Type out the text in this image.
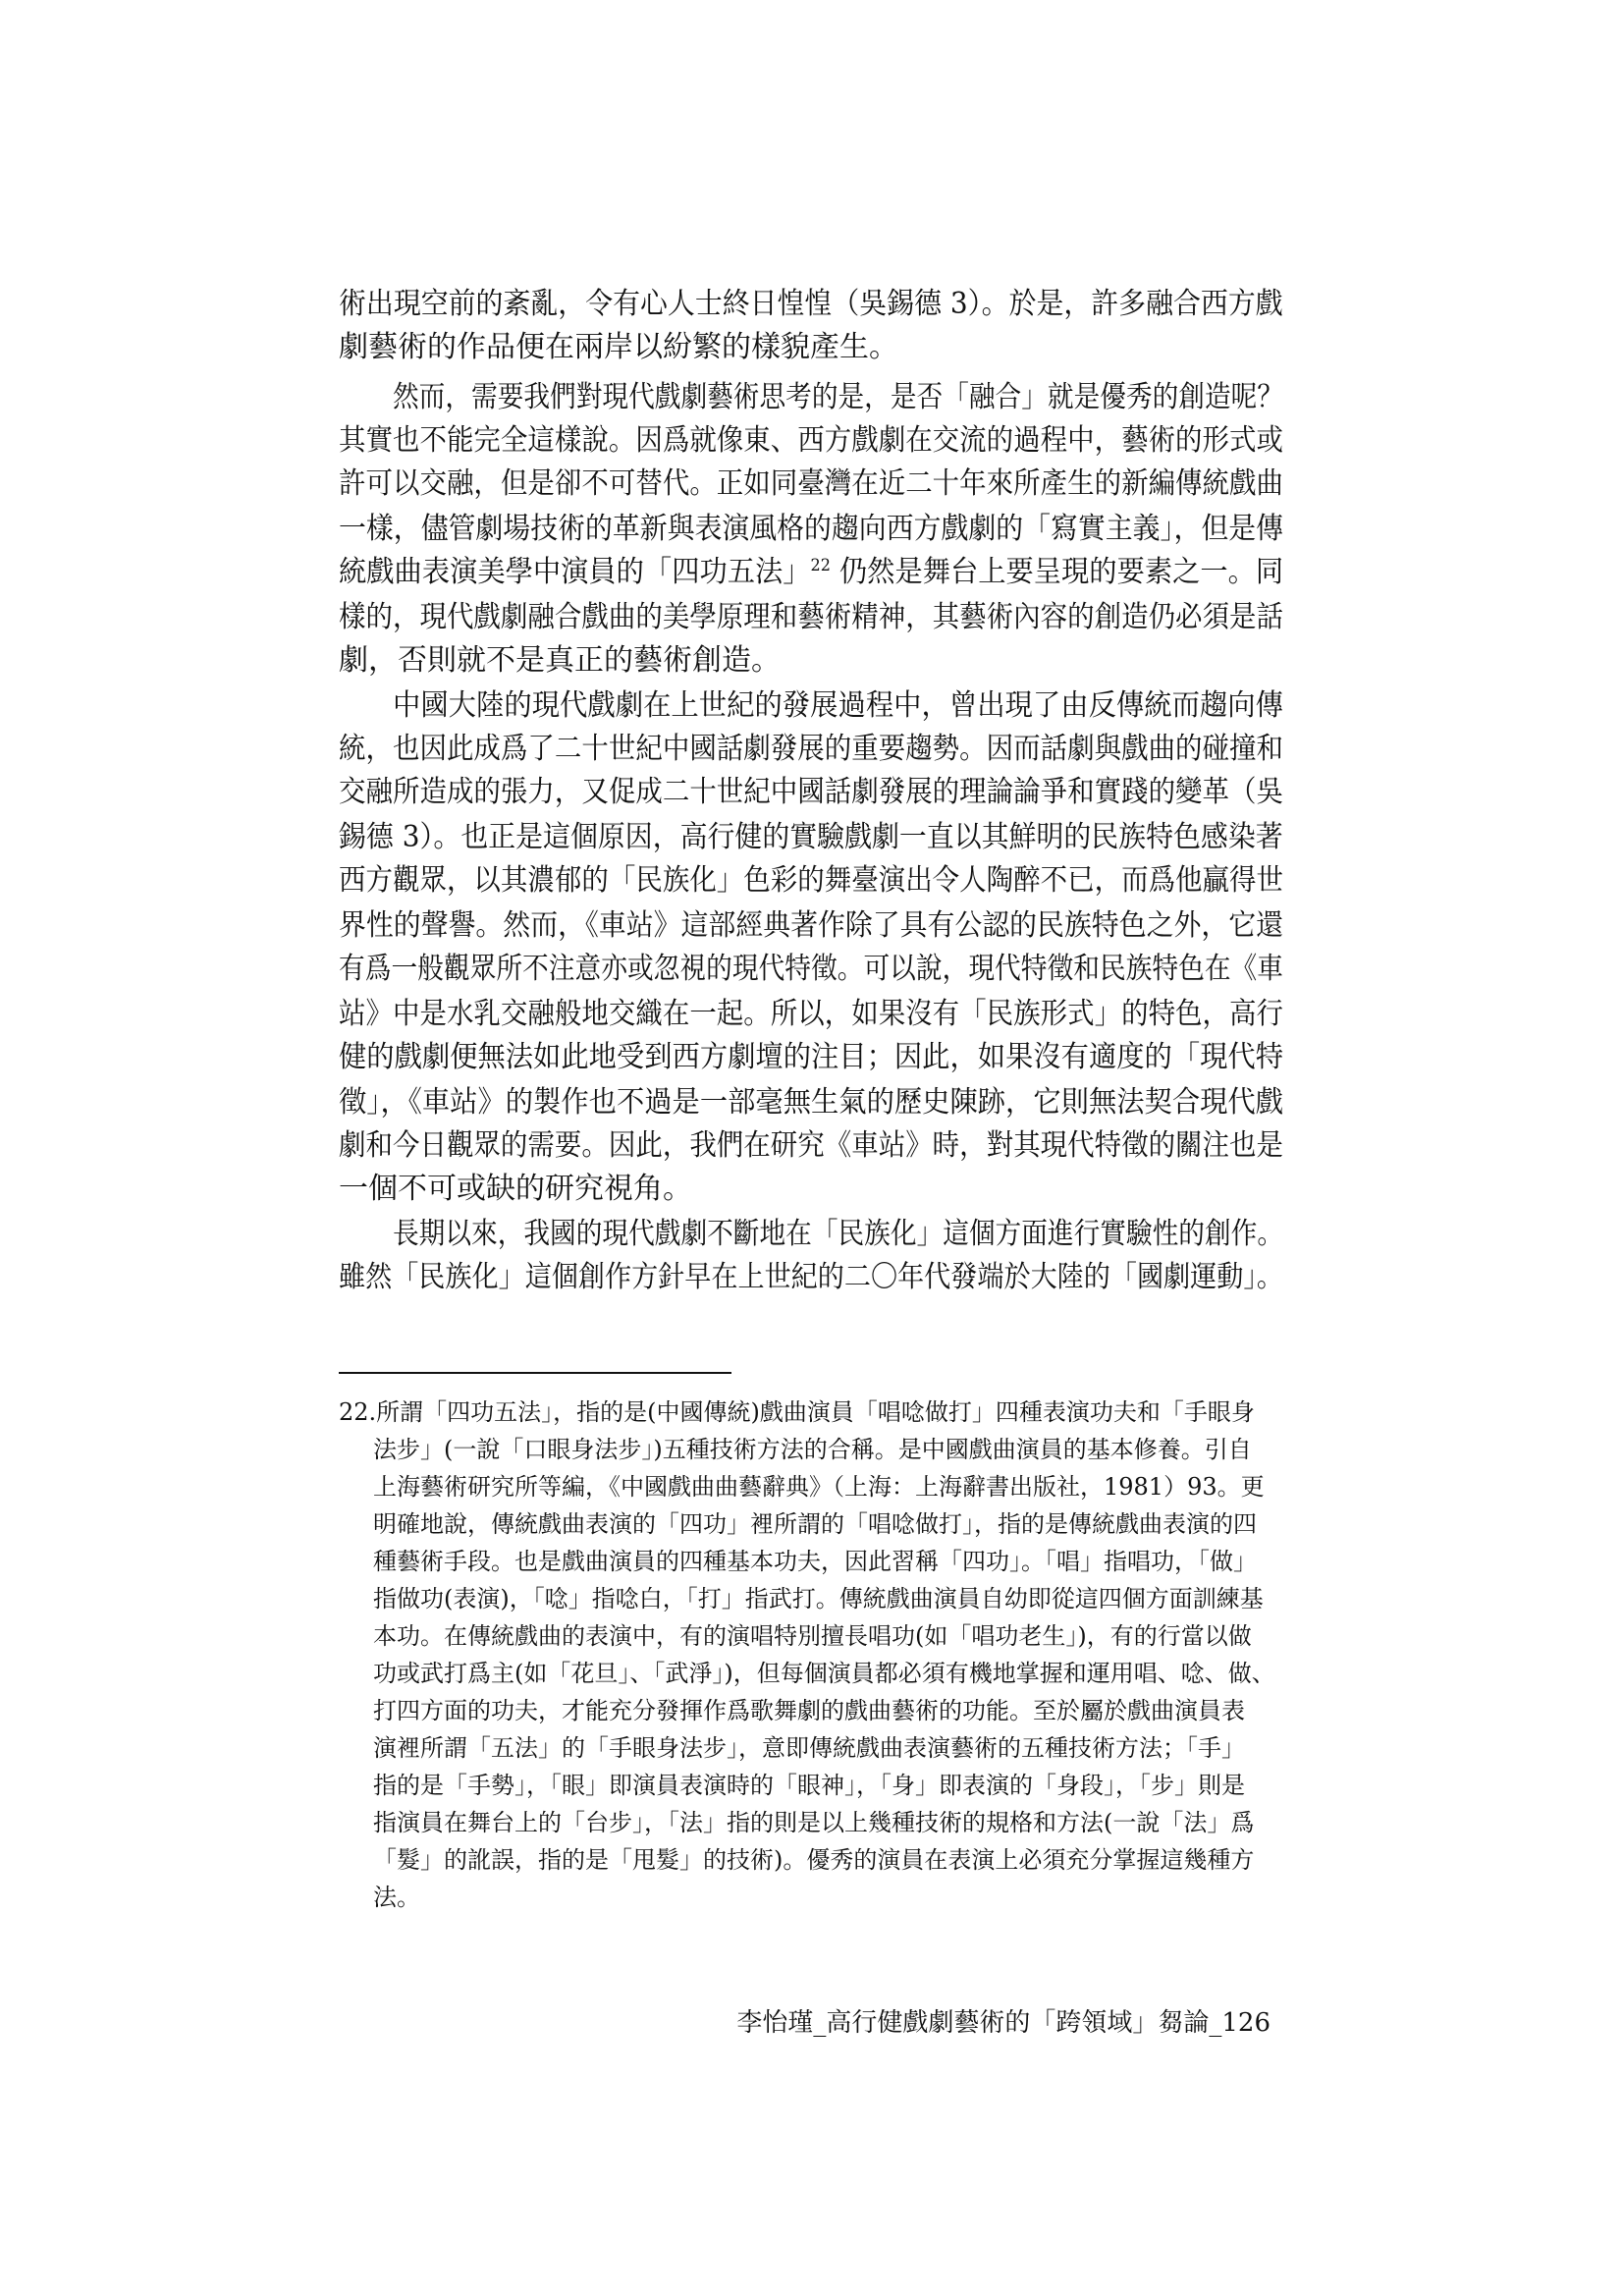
術出現空前的紊亂，令有心人士終日惶惶（吳錫德 3）。於是，許多融合西方戲
劇藝術的作品便在兩岸以紛繁的樣貌產生。
然而，需要我們對現代戲劇藝術思考的是，是否「融合」就是優秀的創造呢？
其實也不能完全這樣說。因爲就像東、西方戲劇在交流的過程中，藝術的形式或
許可以交融，但是卻不可替代。正如同臺灣在近二十年來所產生的新編傳統戲曲
一樣，儘管劇場技術的革新與表演風格的趨向西方戲劇的「寫實主義」，但是傳
統戲曲表演美學中演員的「四功五法」$^{22}$ 仍然是舞台上要呈現的要素之一。同
樣的，現代戲劇融合戲曲的美學原理和藝術精神，其藝術內容的創造仍必須是話
劇，否則就不是真正的藝術創造。
中國大陸的現代戲劇在上世紀的發展過程中，曾出現了由反傳統而趨向傳
統，也因此成爲了二十世紀中國話劇發展的重要趨勢。因而話劇與戲曲的碰撞和
交融所造成的張力，又促成二十世紀中國話劇發展的理論論爭和實踐的變革（吳
錫德 3）。也正是這個原因，高行健的實驗戲劇一直以其鮮明的民族特色感染著
西方觀眾，以其濃郁的「民族化」色彩的舞臺演出令人陶醉不已，而爲他贏得世
界性的聲譽。然而，《車站》這部經典著作除了具有公認的民族特色之外，它還
有爲一般觀眾所不注意亦或忽視的現代特徵。可以說，現代特徵和民族特色在《車
站》中是水乳交融般地交織在一起。所以，如果沒有「民族形式」的特色，高行
健的戲劇便無法如此地受到西方劇壇的注目；因此，如果沒有適度的「現代特
徵」，《車站》的製作也不過是一部毫無生氣的歷史陳跡，它則無法契合現代戲
劇和今日觀眾的需要。因此，我們在研究《車站》時，對其現代特徵的關注也是
一個不可或缺的研究視角。
長期以來，我國的現代戲劇不斷地在「民族化」這個方面進行實驗性的創作。
雖然「民族化」這個創作方針早在上世紀的二〇年代發端於大陸的「國劇運動」。
22.所謂「四功五法」，指的是(中國傳統)戲曲演員「唱唸做打」四種表演功夫和「手眼身
法步」(一說「口眼身法步」)五種技術方法的合稱。是中國戲曲演員的基本修養。引自
上海藝術研究所等編，《中國戲曲曲藝辭典》（上海：上海辭書出版社，1981）93。更
明確地說，傳統戲曲表演的「四功」裡所謂的「唱唸做打」，指的是傳統戲曲表演的四
種藝術手段。也是戲曲演員的四種基本功夫，因此習稱「四功」。「唱」指唱功，「做」
指做功(表演)，「唸」指唸白，「打」指武打。傳統戲曲演員自幼即從這四個方面訓練基
本功。在傳統戲曲的表演中，有的演唱特別擅長唱功(如「唱功老生」)，有的行當以做
功或武打爲主(如「花旦」、「武淨」)，但每個演員都必須有機地掌握和運用唱、唸、做、
打四方面的功夫，才能充分發揮作爲歌舞劇的戲曲藝術的功能。至於屬於戲曲演員表
演裡所謂「五法」的「手眼身法步」，意即傳統戲曲表演藝術的五種技術方法；「手」
指的是「手勢」，「眼」即演員表演時的「眼神」，「身」即表演的「身段」，「步」則是
指演員在舞台上的「台步」，「法」指的則是以上幾種技術的規格和方法(一說「法」爲
「髮」的訛誤，指的是「甩髮」的技術)。優秀的演員在表演上必須充分掌握這幾種方
法。
李怡瑾_高行健戲劇藝術的「跨領域」芻論_126
